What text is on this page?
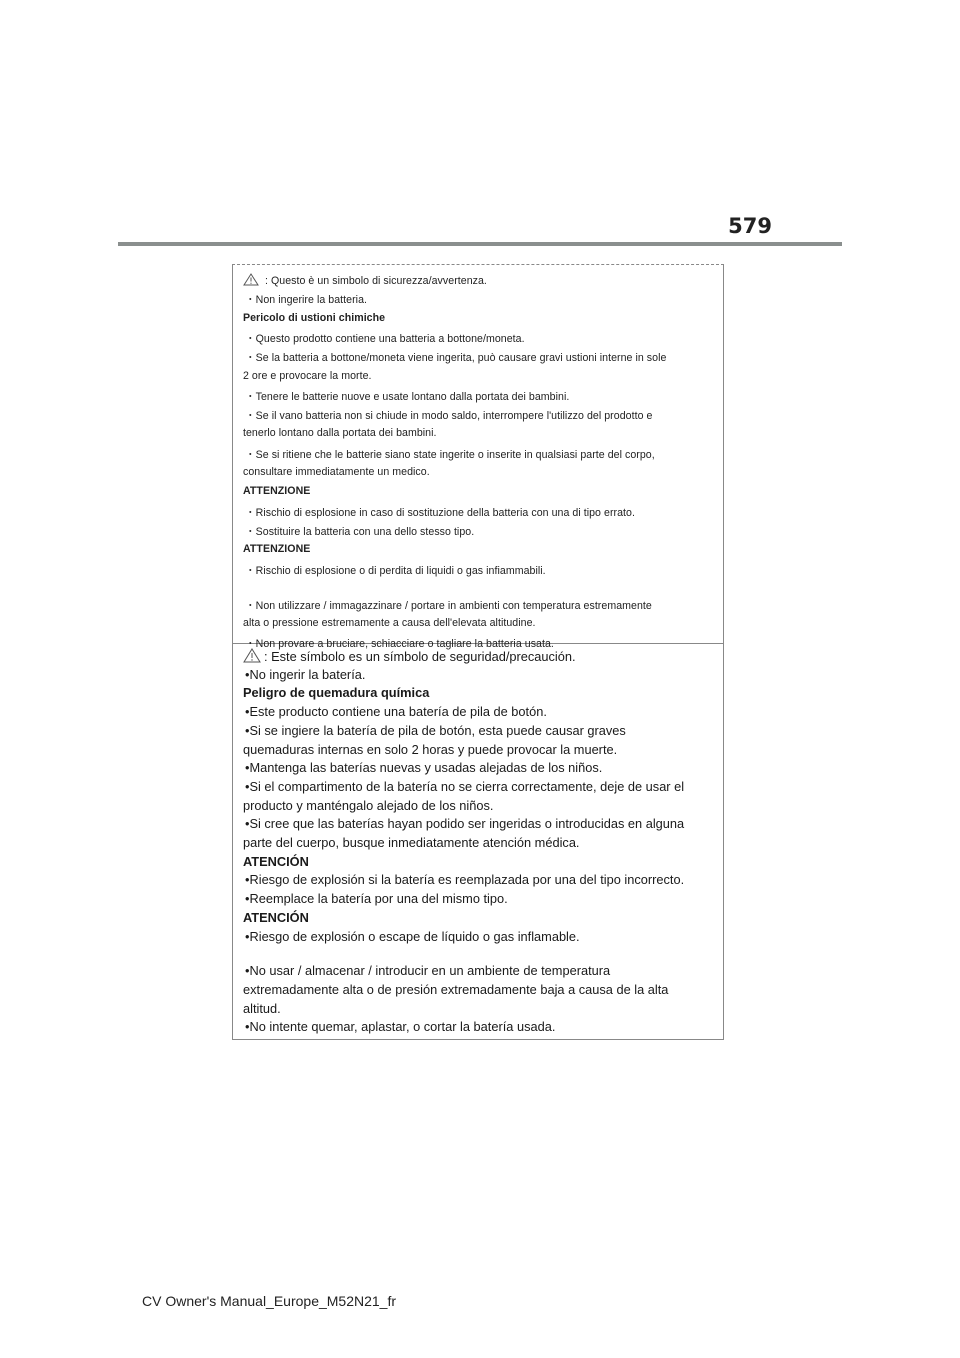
579
: Questo è un simbolo di sicurezza/avvertenza.
・Non ingerire la batteria.
Pericolo di ustioni chimiche
・Questo prodotto contiene una batteria a bottone/moneta.
・Se la batteria a bottone/moneta viene ingerita, può causare gravi ustioni interne in sole
2 ore e provocare la morte.
・Tenere le batterie nuove e usate lontano dalla portata dei bambini.
・Se il vano batteria non si chiude in modo saldo, interrompere l'utilizzo del prodotto e
tenerlo lontano dalla portata dei bambini.
・Se si ritiene che le batterie siano state ingerite o inserite in qualsiasi parte del corpo,
consultare immediatamente un medico.
ATTENZIONE
・Rischio di esplosione in caso di sostituzione della batteria con una di tipo errato.
・Sostituire la batteria con una dello stesso tipo.
ATTENZIONE
・Rischio di esplosione o di perdita di liquidi o gas infiammabili.
・Non utilizzare / immagazzinare / portare in ambienti con temperatura estremamente
alta o pressione estremamente a causa dell'elevata altitudine.
・Non provare a bruciare, schiacciare o tagliare la batteria usata.
: Este símbolo es un símbolo de seguridad/precaución.
•No ingerir la batería.
Peligro de quemadura química
•Este producto contiene una batería de pila de botón.
•Si se ingiere la batería de pila de botón, esta puede causar graves
quemaduras internas en solo 2 horas y puede provocar la muerte.
•Mantenga las baterías nuevas y usadas alejadas de los niños.
•Si el compartimento de la batería no se cierra correctamente, deje de usar el
producto y manténgalo alejado de los niños.
•Si cree que las baterías hayan podido ser ingeridas o introducidas en alguna
parte del cuerpo, busque inmediatamente atención médica.
ATENCIÓN
•Riesgo de explosión si la batería es reemplazada por una del tipo incorrecto.
•Reemplace la batería por una del mismo tipo.
ATENCIÓN
•Riesgo de explosión o escape de líquido o gas inflamable.
•No usar / almacenar / introducir en un ambiente de temperatura
extremadamente alta o de presión extremadamente baja a causa de la alta
altitud.
•No intente quemar, aplastar, o cortar la batería usada.
CV Owner's Manual_Europe_M52N21_fr
